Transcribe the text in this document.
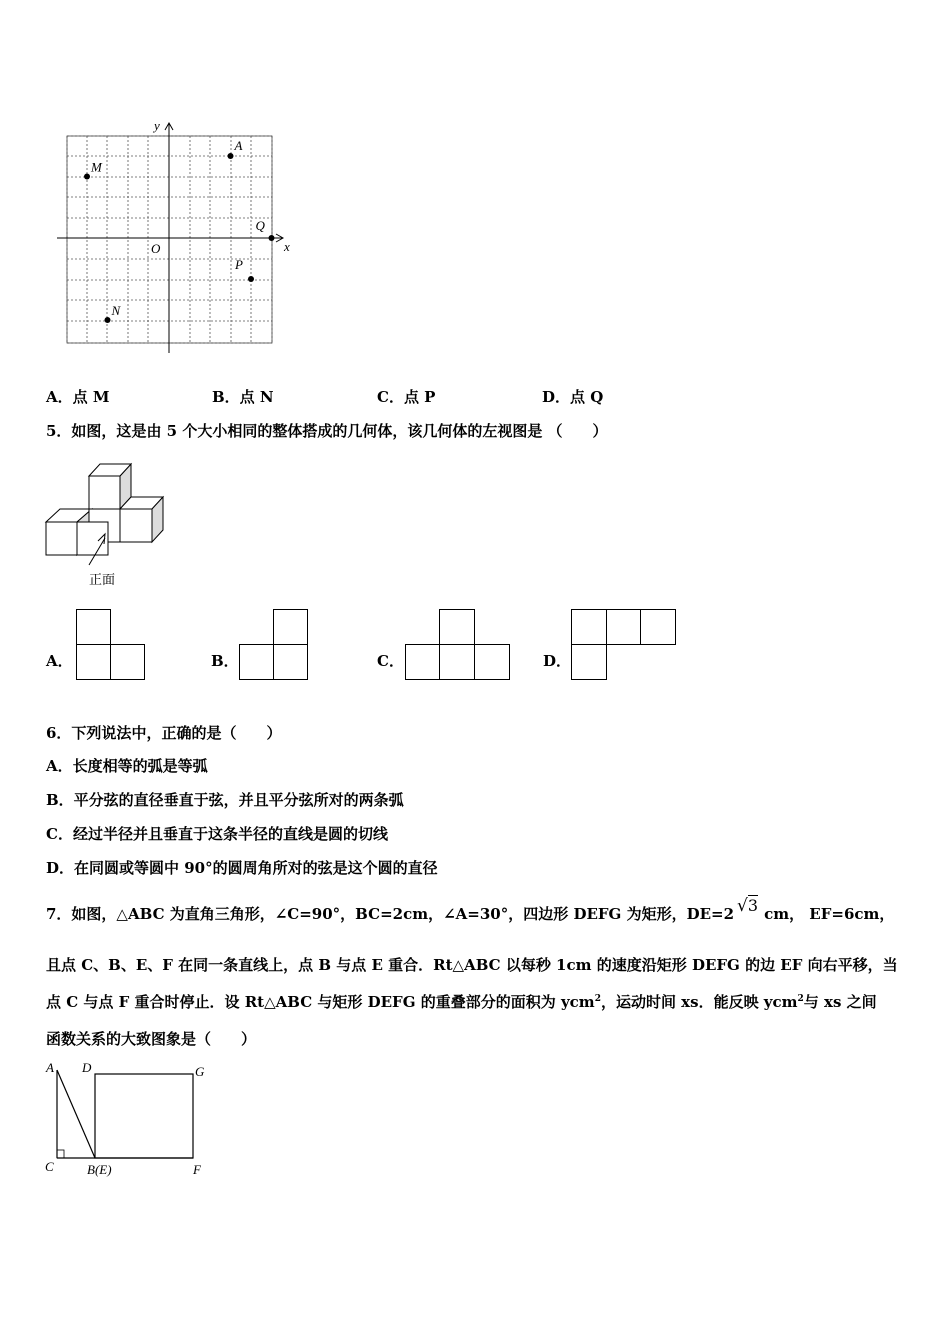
x
y
O
M
A
Q
P
N
A．点 M	B．点 N	C．点 P	D．点 Q
5．如图，这是由 5 个大小相同的整体搭成的几何体，该几何体的左视图是 （　　）
正面
A．	B．	C．	D．
6．下列说法中，正确的是（　　）
A．长度相等的弧是等弧
B．平分弦的直径垂直于弦，并且平分弦所对的两条弧
C．经过半径并且垂直于这条半径的直线是圆的切线
D．在同圆或等圆中 90°的圆周角所对的弦是这个圆的直径
7．如图，△ABC 为直角三角形，∠C=90°，BC=2cm，∠A=30°，四边形 DEFG 为矩形，DE=2 √3 cm， EF=6cm，
且点 C、B、E、F 在同一条直线上，点 B 与点 E 重合．Rt△ABC 以每秒 1cm 的速度沿矩形 DEFG 的边 EF 向右平移，当
点 C 与点 F 重合时停止．设 Rt△ABC 与矩形 DEFG 的重叠部分的面积为 ycm$^2$，运动时间 xs．能反映 ycm$^2$与 xs 之间
函数关系的大致图象是（　　）
A D	G
C	B(E)	F
